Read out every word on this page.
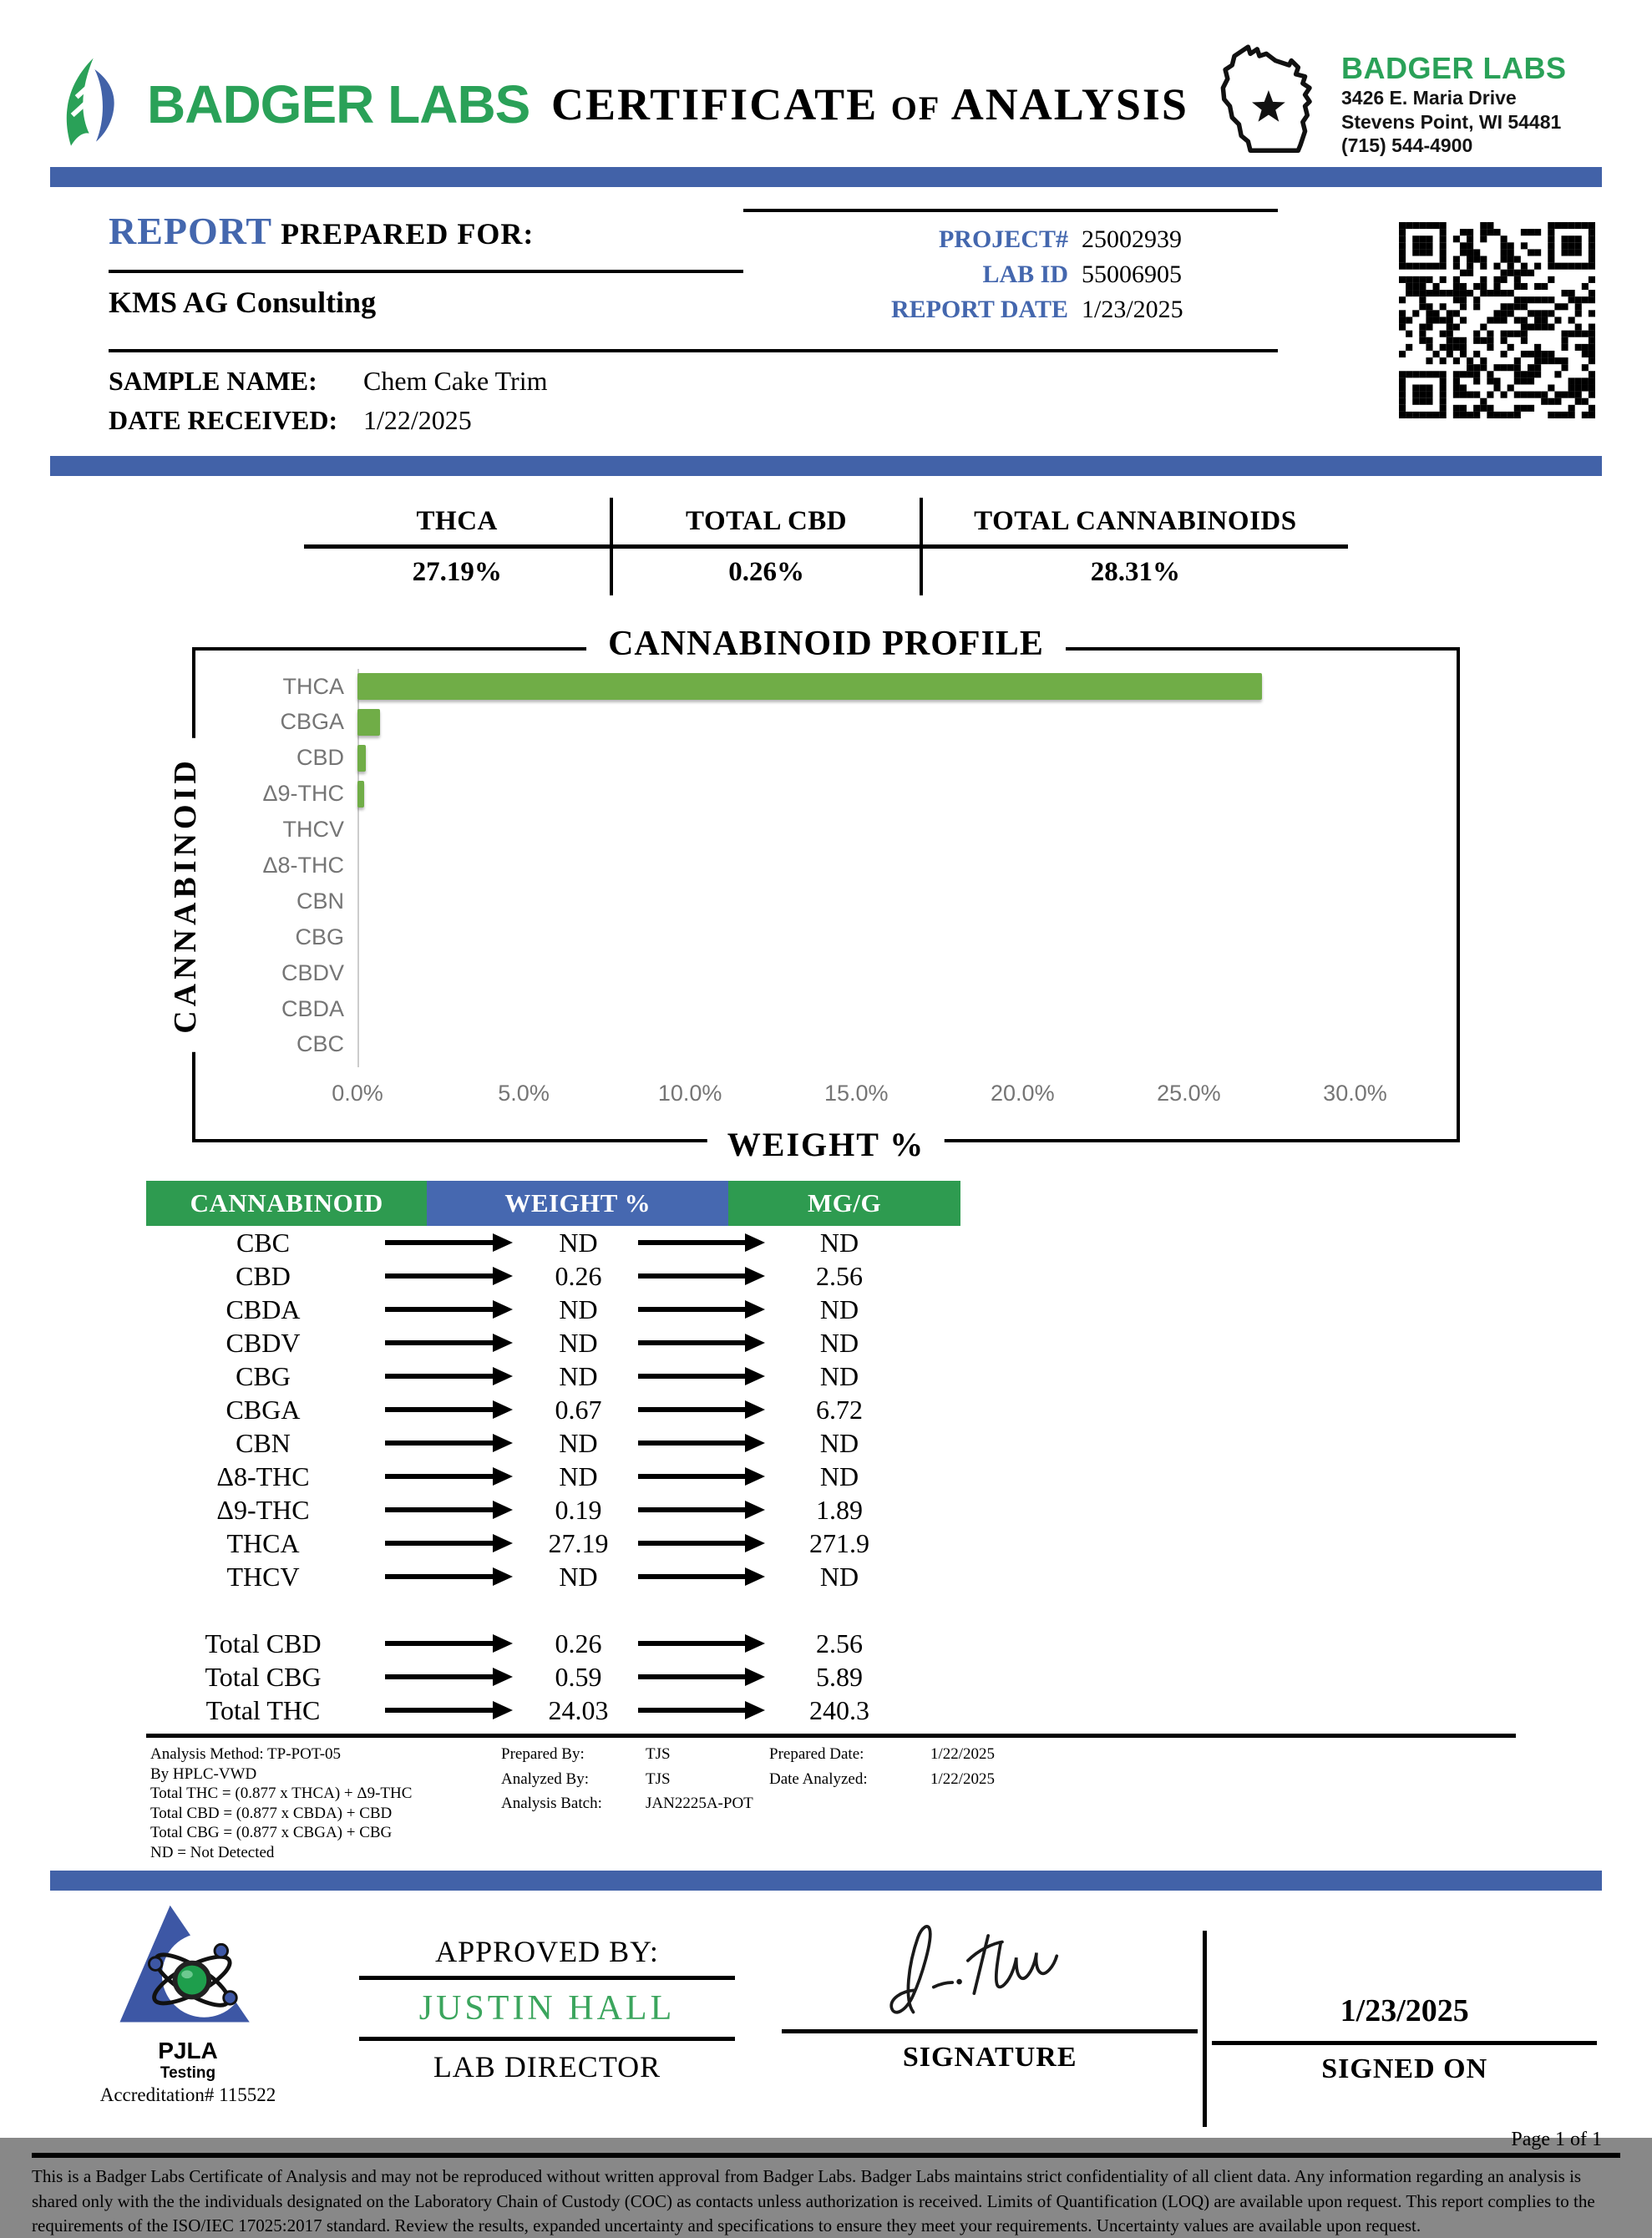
BADGER LABS CERTIFICATE OF ANALYSIS
BADGER LABS
3426 E. Maria Drive
Stevens Point, WI 54481
(715) 544-4900
REPORT PREPARED FOR:	PROJECT# 25002939
LAB ID 55006905
REPORT DATE 1/23/2025
KMS AG Consulting
SAMPLE NAME:	Chem Cake Trim
DATE RECEIVED: 1/22/2025
THCA
27.19%
TOTAL CBD
0.26%
TOTAL CANNABINOIDS
28.31%
CANNABINOID PROFILE
CANNABINOID
WEIGHT %
THCA
CBGA
CBD
Δ9-THC
THCV
Δ8-THC
CBN
CBG
CBDV
CBDA
CBC
0.0%	5.0%	10.0%	15.0%	20.0%	25.0%	30.0%
CANNABINOID	WEIGHT %	MG/G
CBC	ND	ND
CBD	0.26	2.56
CBDA	ND	ND
CBDV	ND	ND
CBG	ND	ND
CBGA	0.67	6.72
CBN	ND	ND
Δ8-THC	ND	ND
Δ9-THC	0.19	1.89
THCA	27.19	271.9
THCV	ND	ND
Total CBD	0.26	2.56
Total CBG	0.59	5.89
Total THC	24.03	240.3
Analysis Method: TP-POT-05
By HPLC-VWD
Total THC = (0.877 x THCA) + Δ9-THC
Total CBD = (0.877 x CBDA) + CBD
Total CBG = (0.877 x CBGA) + CBG
ND = Not Detected
Prepared By:	TJS	Prepared Date:	1/22/2025
Analyzed By:	TJS	Date Analyzed:	1/22/2025
Analysis Batch:	JAN2225A-POT
PJLA
Testing
Accreditation# 115522
APPROVED BY:
JUSTIN HALL
LAB DIRECTOR	SIGNATURE
1/23/2025
SIGNED ON
Page 1 of 1
This is a Badger Labs Certificate of Analysis and may not be reproduced without written approval from Badger Labs. Badger Labs maintains strict confidentiality of all client data. Any information regarding an analysis is shared only with the the individuals designated on the Laboratory Chain of Custody (COC) as contacts unless authorization is received. Limits of Quantification (LOQ) are available upon request. This report complies to the requirements of the ISO/IEC 17025:2017 standard. Review the results, expanded uncertainty and specifications to ensure they meet your requirements. Uncertainty values are available upon request.
